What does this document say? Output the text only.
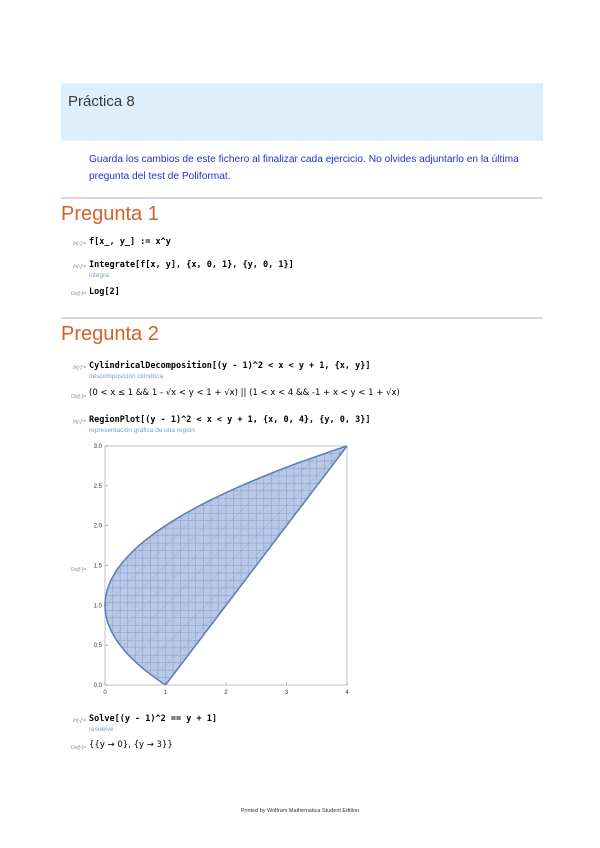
Práctica 8
Guarda los cambios de este fichero al finalizar cada ejercicio. No olvides adjuntarlo en la última pregunta del test de Poliformat.
Pregunta 1
In[-]:= f[x_, y_] := x^y
In[-]:= Integrate[f[x, y], {x, 0, 1}, {y, 0, 1}]
integra
Out[-]= Log[2]
Pregunta 2
In[-]:= CylindricalDecomposition[(y - 1)^2 < x < y + 1, {x, y}]
descomposición cilíndrica
Out[-]= (0 < x ≤ 1 && 1 - √x < y < 1 + √x) || (1 < x < 4 && -1 + x < y < 1 + √x)
In[-]:= RegionPlot[(y - 1)^2 < x < y + 1, {x, 0, 4}, {y, 0, 3}]
representación gráfica de una región
Out[-]=
0	1	2	3	4
0.0
0.5
1.0
1.5
2.0
2.5
3.0
In[-]:= Solve[(y - 1)^2 == y + 1]
resuelve
Out[-]= {{y → 0}, {y → 3}}
Printed by Wolfram Mathematica Student Edition
